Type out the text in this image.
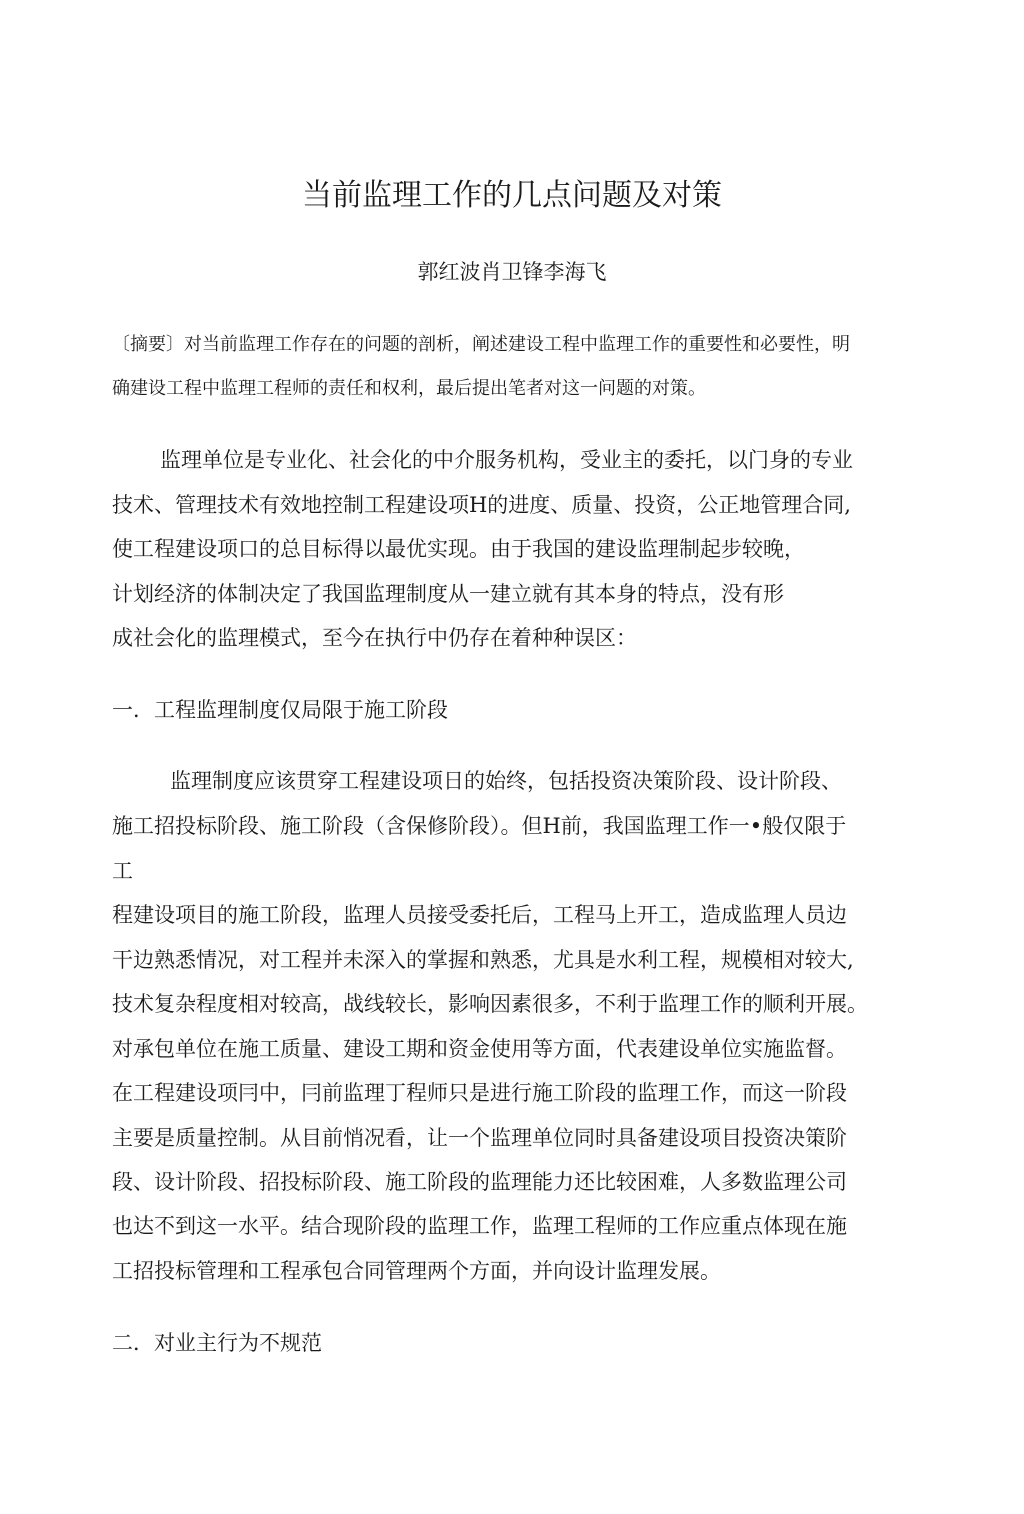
当前监理工作的几点问题及对策
郭红波肖卫锋李海飞
〔摘要〕对当前监理工作存在的问题的剖析，阐述建设工程中监理工作的重要性和必要性，明
确建设工程中监理工程师的责任和权利，最后提出笔者对这一问题的对策。
监理单位是专业化、社会化的中介服务机构，受业主的委托，以门身的专业
技术、管理技术有效地控制工程建设项H的进度、质量、投资，公正地管理合同,
使工程建设项口的总目标得以最优实现。由于我国的建设监理制起步较晚，
计划经济的体制决定了我国监理制度从一建立就有其本身的特点，没有形
成社会化的监理模式，至今在执行中仍存在着种种误区：
一．工程监理制度仅局限于施工阶段
监理制度应该贯穿工程建设项日的始终，包括投资决策阶段、设计阶段、
施工招投标阶段、施工阶段（含保修阶段）。但H前，我国监理工作一•般仅限于
工
程建设项目的施工阶段，监理人员接受委托后，工程马上开工，造成监理人员边
干边熟悉情况，对工程并未深入的掌握和熟悉，尤具是水利工程，规模相对较大,
技术复杂程度相对较高，战线较长，影响因素很多，不利于监理工作的顺利开展。
对承包单位在施工质量、建设工期和资金使用等方面，代表建设单位实施监督。
在工程建设项冃中，冃前监理丁程师只是进行施工阶段的监理工作，而这一阶段
主要是质量控制。从目前悄况看，让一个监理单位同时具备建设项目投资决策阶
段、设计阶段、招投标阶段、施工阶段的监理能力还比较困难，人多数监理公司
也达不到这一水平。结合现阶段的监理工作，监理工程师的工作应重点体现在施
工招投标管理和工程承包合同管理两个方面，并向设计监理发展。
二．对业主行为不规范
